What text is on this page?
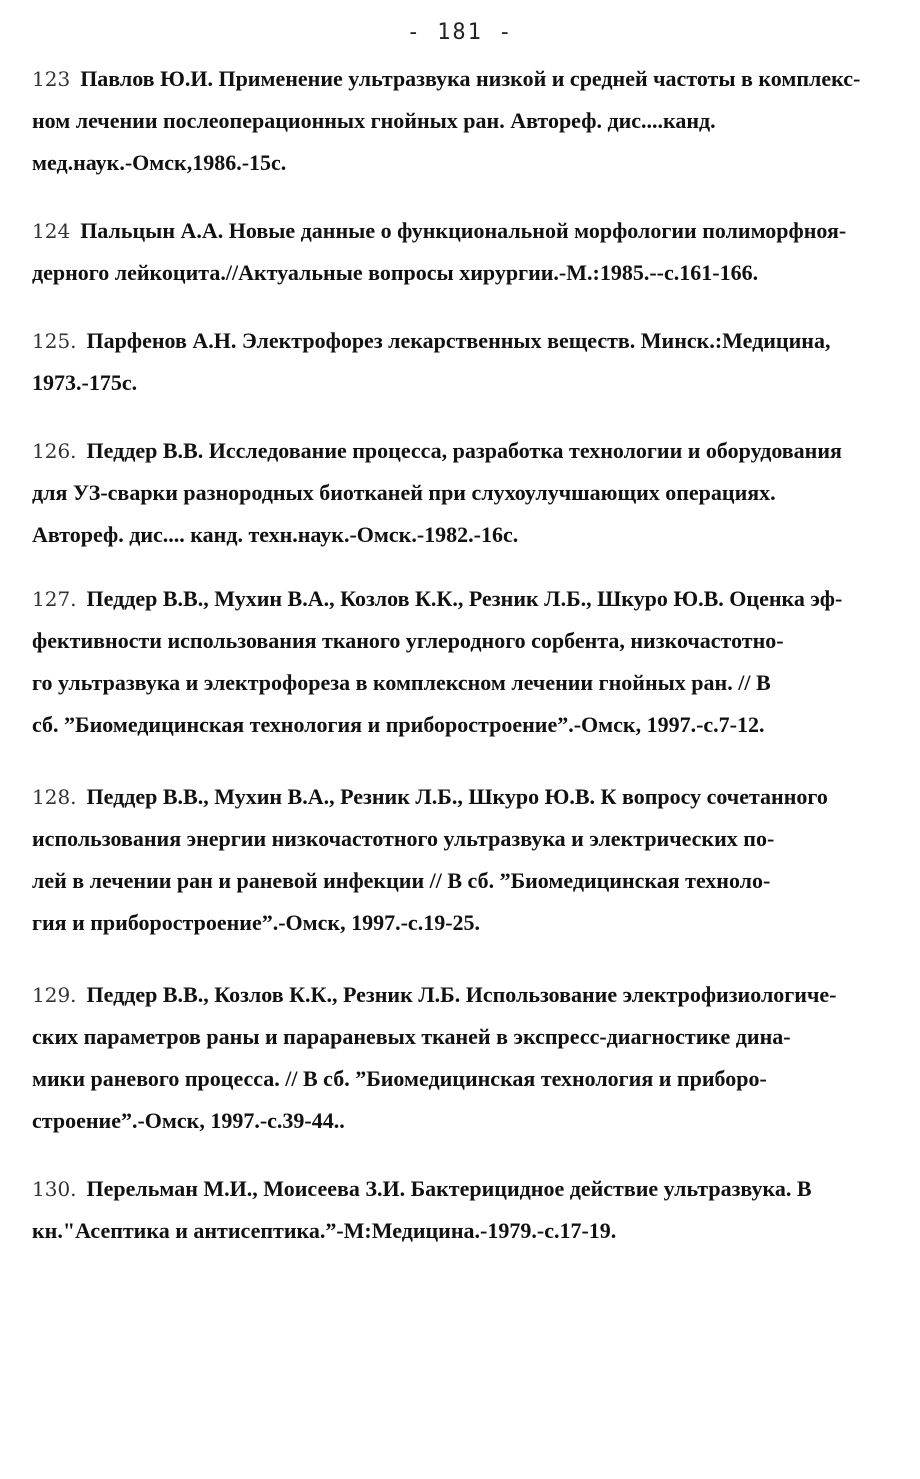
- 181 -

123 Павлов Ю.И. Применение ультразвука низкой и средней частоты в комплекс-
ном лечении послеоперационных гнойных ран. Автореф. дис....канд.
мед.наук.-Омск,1986.-15с.

124 Пальцын А.А. Новые данные о функциональной морфологии полиморфноя-
дерного лейкоцита.//Актуальные вопросы хирургии.-М.:1985.--с.161-166.

125. Парфенов А.Н. Электрофорез лекарственных веществ. Минск.:Медицина,
1973.-175с.

126. Педдер В.В. Исследование процесса, разработка технологии и оборудования
для УЗ-сварки разнородных биотканей при слухоулучшающих операциях.
Автореф. дис.... канд. техн.наук.-Омск.-1982.-16с.

127. Педдер В.В., Мухин В.А., Козлов К.К., Резник Л.Б., Шкуро Ю.В. Оценка эф-
фективности использования тканого углеродного сорбента, низкочастотно-
го ультразвука и электрофореза в комплексном лечении гнойных ран. // В
сб. ”Биомедицинская технология и приборостроение”.-Омск, 1997.-с.7-12.

128. Педдер В.В., Мухин В.А., Резник Л.Б., Шкуро Ю.В. К вопросу сочетанного
использования энергии низкочастотного ультразвука и электрических по-
лей в лечении ран и раневой инфекции // В сб. ”Биомедицинская техноло-
гия и приборостроение”.-Омск, 1997.-с.19-25.

129. Педдер В.В., Козлов К.К., Резник Л.Б. Использование электрофизиологиче-
ских параметров раны и парараневых тканей в экспресс-диагностике дина-
мики раневого процесса. // В сб. ”Биомедицинская технология и приборо-
строение”.-Омск, 1997.-с.39-44..

130. Перельман М.И., Моисеева З.И. Бактерицидное действие ультразвука. В
кн."Асептика и антисептика.”-М:Медицина.-1979.-с.17-19.
